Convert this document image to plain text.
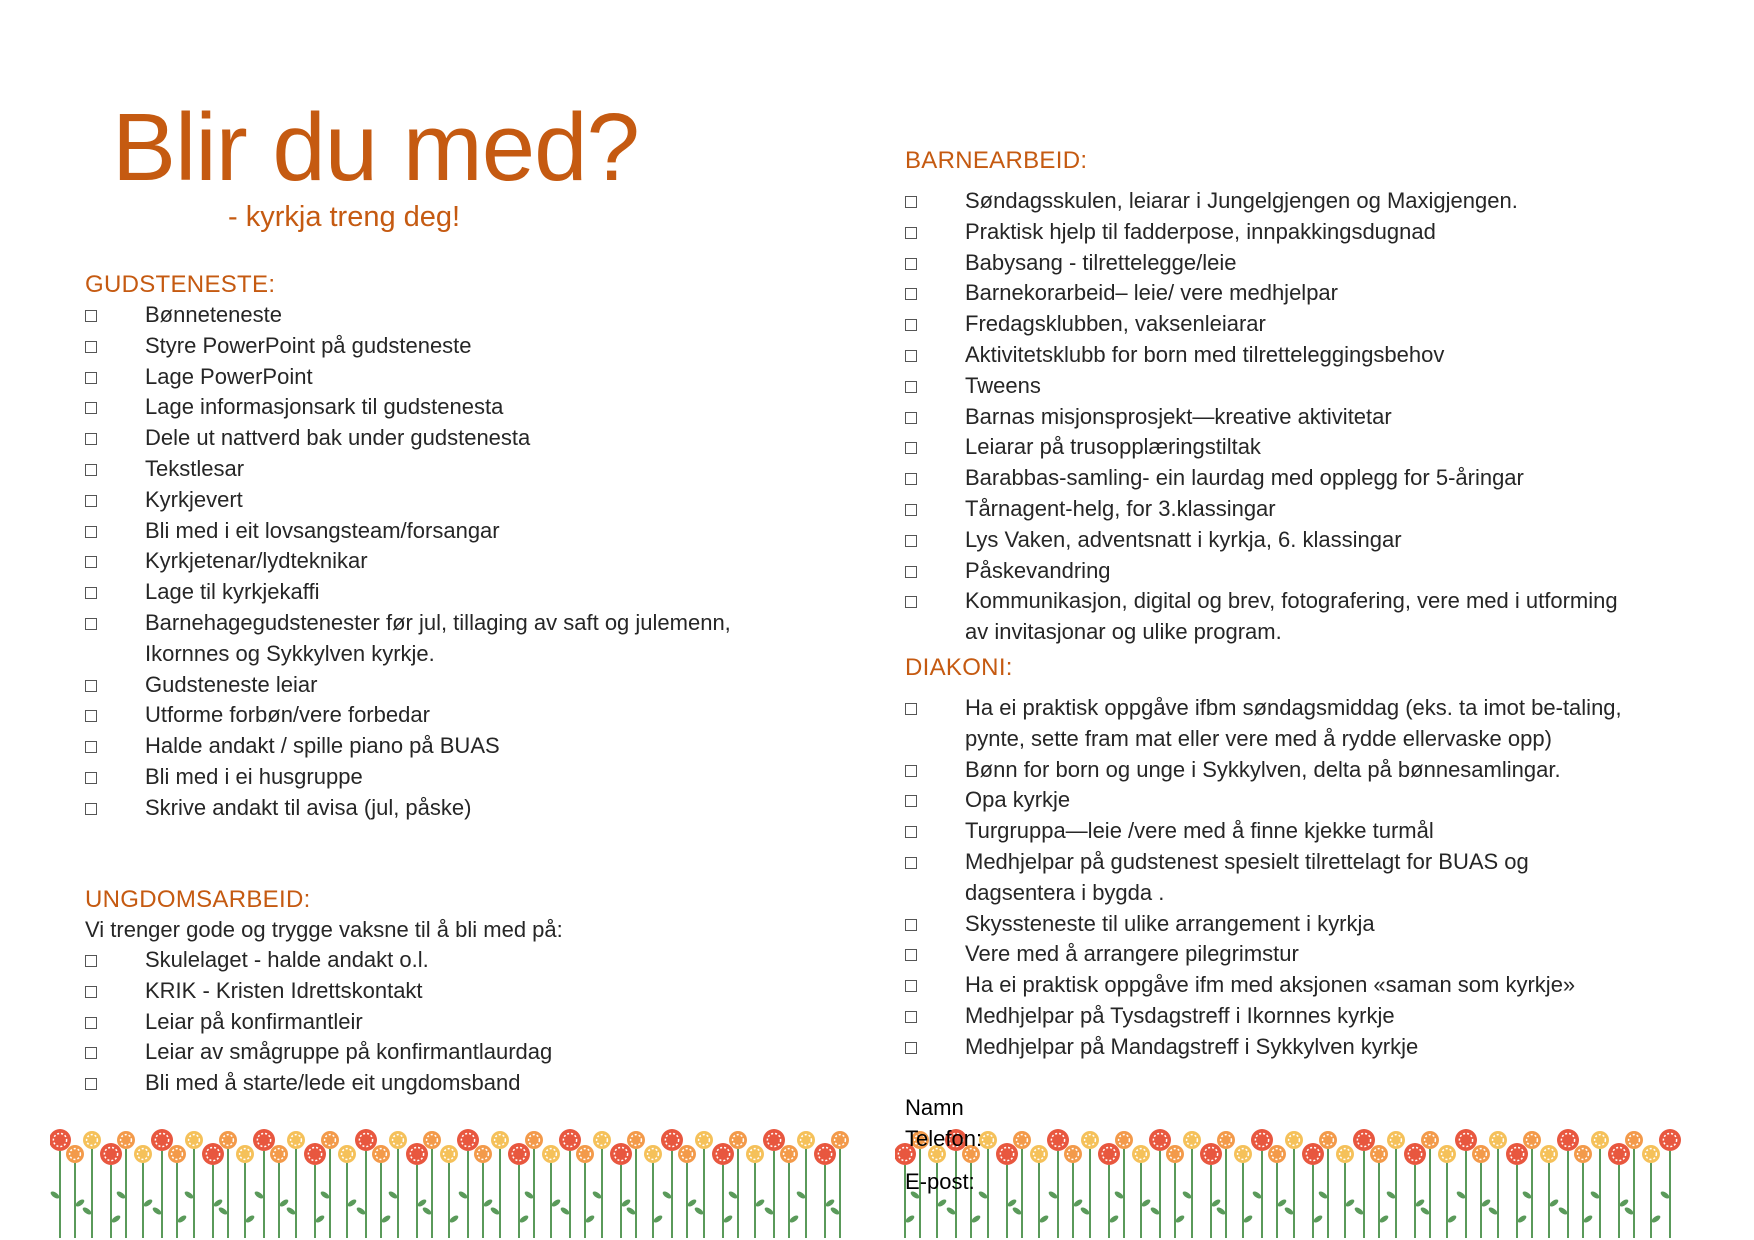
Blir du med?

- kyrkja treng deg!

GUDSTENESTE:
Bønneteneste
Styre PowerPoint på gudsteneste
Lage PowerPoint
Lage informasjonsark til gudstenesta
Dele ut nattverd bak under gudstenesta
Tekstlesar
Kyrkjevert
Bli med i eit lovsangsteam/forsangar
Kyrkjetenar/lydteknikar
Lage til kyrkjekaffi
Barnehagegudstenester før jul, tillaging av saft og julemenn, Ikornnes og Sykkylven kyrkje.
Gudsteneste leiar
Utforme forbøn/vere forbedar
Halde andakt / spille piano på BUAS
Bli med i ei husgruppe
Skrive andakt til avisa (jul, påske)
UNGDOMSARBEID:

Vi trenger gode og trygge vaksne til å bli med på:

Skulelaget - halde andakt o.l.
KRIK - Kristen Idrettskontakt
Leiar på konfirmantleir
Leiar av smågruppe på konfirmantlaurdag
Bli med å starte/lede eit ungdomsband
BARNEARBEID:
Søndagsskulen, leiarar i Jungelgjengen og Maxigjengen.
Praktisk hjelp til fadderpose, innpakkingsdugnad
Babysang - tilrettelegge/leie
Barnekorarbeid– leie/ vere medhjelpar
Fredagsklubben, vaksenleiarar
Aktivitetsklubb for born med tilretteleggingsbehov
Tweens
Barnas misjonsprosjekt—kreative aktivitetar
Leiarar på trusopplæringstiltak
Barabbas-samling- ein laurdag med opplegg for 5-åringar
Tårnagent-helg, for 3.klassingar
Lys Vaken, adventsnatt i kyrkja, 6. klassingar
Påskevandring
Kommunikasjon, digital og brev, fotografering, vere med i utforming av invitasjonar og ulike program.
DIAKONI:
Ha ei praktisk oppgåve ifbm søndagsmiddag (eks. ta imot be-taling, pynte, sette fram mat eller vere med å rydde ellervaske opp)
Bønn for born og unge i Sykkylven, delta på bønnesamlingar.
Opa kyrkje
Turgruppa—leie /vere med å finne kjekke turmål
Medhjelpar på gudstenest spesielt tilrettelagt for BUAS og dagsentera i bygda .
Skyssteneste til ulike arrangement i kyrkja
Vere med å arrangere pilegrimstur
Ha ei praktisk oppgåve ifm med aksjonen «saman som kyrkje»
Medhjelpar på Tysdagstreff i Ikornnes kyrkje
Medhjelpar på Mandagstreff i Sykkylven kyrkje
Namn
Telefon:
E-post:
